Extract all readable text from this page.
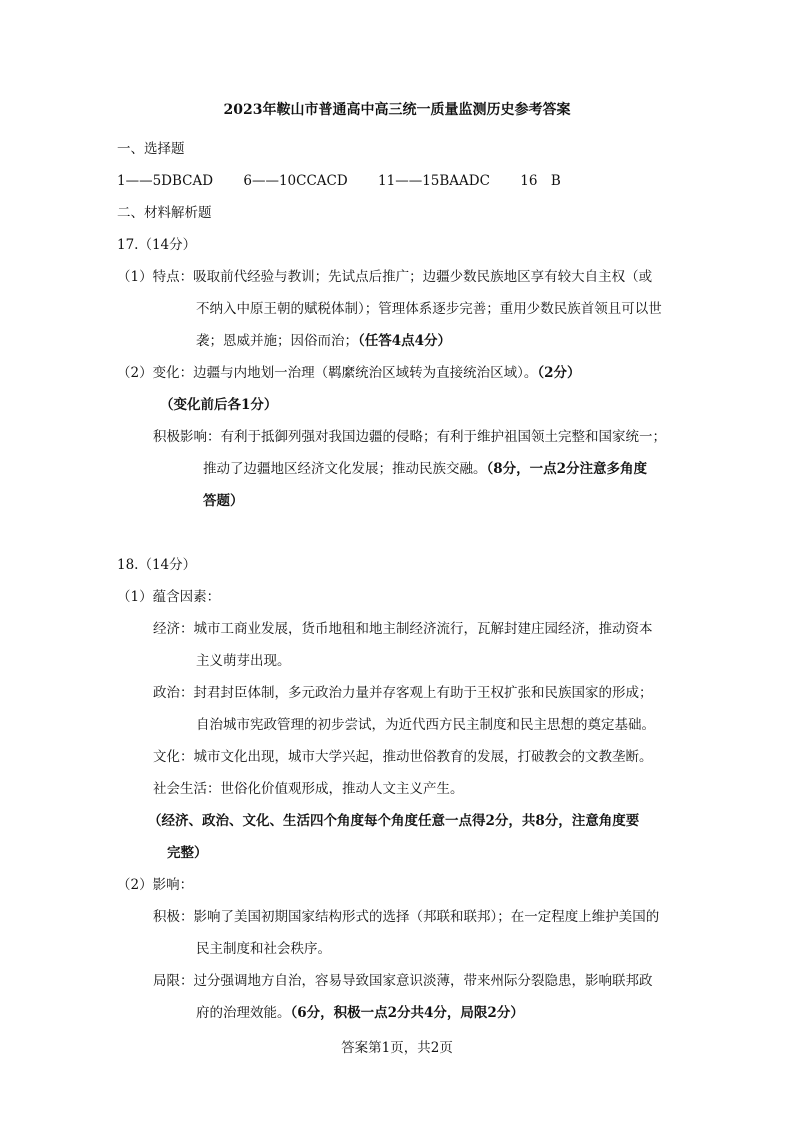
2023年鞍山市普通高中高三统一质量监测历史参考答案
一、选择题
1——5DBCAD 6——10CCACD 11——15BAADC 16　B
二、材料解析题
17.（14分）
（1）特点：吸取前代经验与教训；先试点后推广；边疆少数民族地区享有较大自主权（或
不纳入中原王朝的赋税体制）；管理体系逐步完善；重用少数民族首领且可以世
袭；恩威并施；因俗而治；（任答4点4分）
（2）变化：边疆与内地划一治理（羁縻统治区域转为直接统治区域）。（2分）
（变化前后各1分）
积极影响：有利于抵御列强对我国边疆的侵略；有利于维护祖国领土完整和国家统一；
推动了边疆地区经济文化发展；推动民族交融。（8分，一点2分注意多角度
答题）
18.（14分）
（1）蕴含因素：
经济：城市工商业发展，货币地租和地主制经济流行，瓦解封建庄园经济，推动资本
主义萌芽出现。
政治：封君封臣体制，多元政治力量并存客观上有助于王权扩张和民族国家的形成；
自治城市宪政管理的初步尝试，为近代西方民主制度和民主思想的奠定基础。
文化：城市文化出现，城市大学兴起，推动世俗教育的发展，打破教会的文教垄断。
社会生活：世俗化价值观形成，推动人文主义产生。
（经济、政治、文化、生活四个角度每个角度任意一点得2分，共8分，注意角度要
完整）
（2）影响：
积极：影响了美国初期国家结构形式的选择（邦联和联邦）；在一定程度上维护美国的
民主制度和社会秩序。
局限：过分强调地方自治，容易导致国家意识淡薄，带来州际分裂隐患，影响联邦政
府的治理效能。（6分，积极一点2分共4分，局限2分）
答案第1页，共2页
